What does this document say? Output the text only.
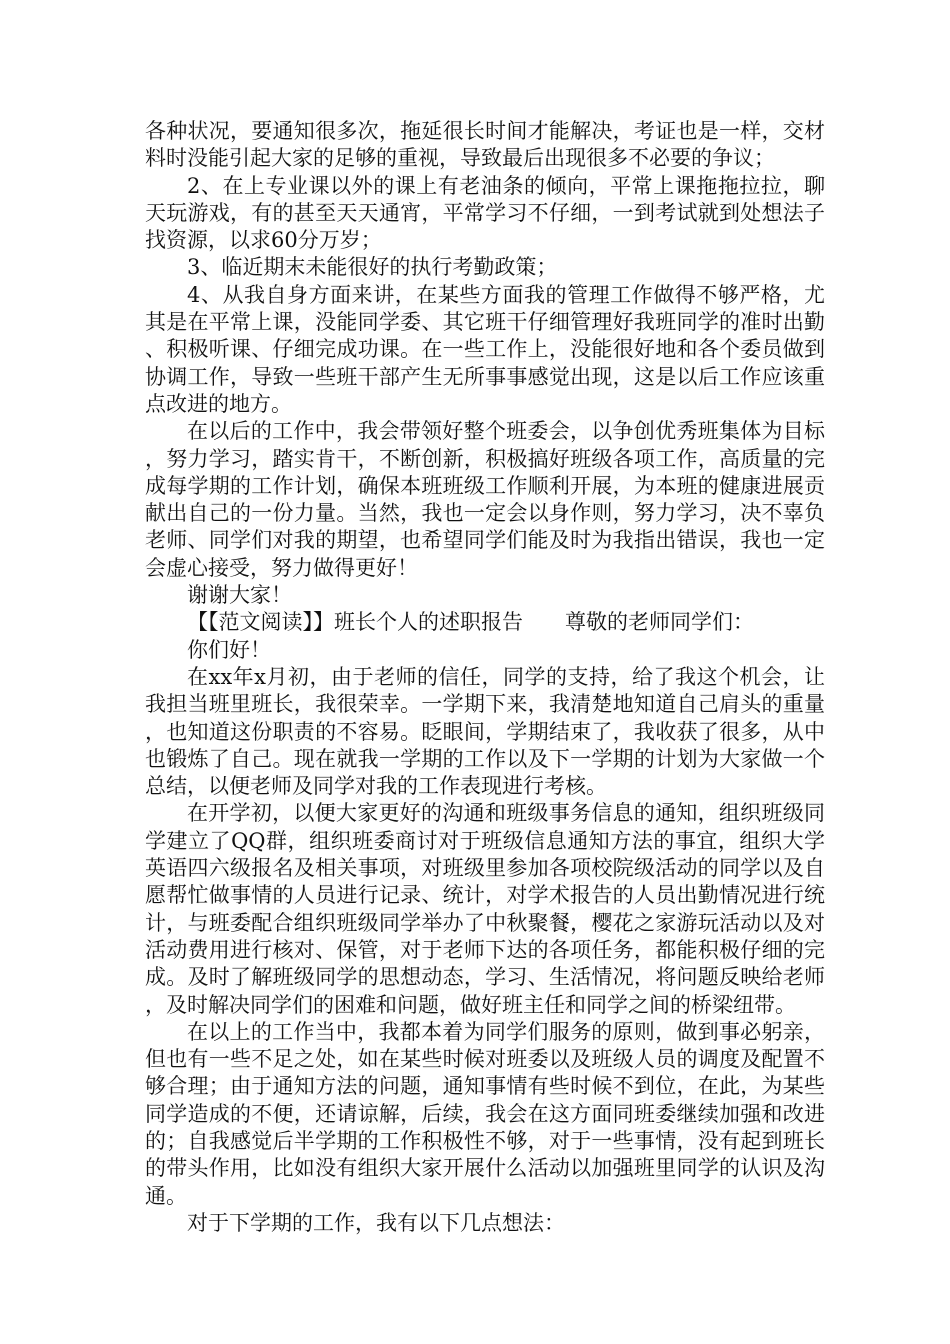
各种状况，要通知很多次，拖延很长时间才能解决，考证也是一样，交材料时没能引起大家的足够的重视，导致最后出现很多不必要的争议；

2、在上专业课以外的课上有老油条的倾向，平常上课拖拖拉拉，聊天玩游戏，有的甚至天天通宵，平常学习不仔细，一到考试就到处想法子找资源，以求60分万岁；

3、临近期末未能很好的执行考勤政策；

4、从我自身方面来讲，在某些方面我的管理工作做得不够严格，尤其是在平常上课，没能同学委、其它班干仔细管理好我班同学的准时出勤、积极听课、仔细完成功课。在一些工作上，没能很好地和各个委员做到协调工作，导致一些班干部产生无所事事感觉出现，这是以后工作应该重点改进的地方。

在以后的工作中，我会带领好整个班委会，以争创优秀班集体为目标，努力学习，踏实肯干，不断创新，积极搞好班级各项工作，高质量的完成每学期的工作计划，确保本班班级工作顺利开展，为本班的健康进展贡献出自己的一份力量。当然，我也一定会以身作则，努力学习，决不辜负老师、同学们对我的期望，也希望同学们能及时为我指出错误，我也一定会虚心接受，努力做得更好！

谢谢大家！

【【范文阅读】】班长个人的述职报告　　尊敬的老师同学们：

你们好！

在xx年x月初，由于老师的信任，同学的支持，给了我这个机会，让我担当班里班长，我很荣幸。一学期下来，我清楚地知道自己肩头的重量，也知道这份职责的不容易。眨眼间，学期结束了，我收获了很多，从中也锻炼了自己。现在就我一学期的工作以及下一学期的计划为大家做一个总结，以便老师及同学对我的工作表现进行考核。

在开学初，以便大家更好的沟通和班级事务信息的通知，组织班级同学建立了QQ群，组织班委商讨对于班级信息通知方法的事宜，组织大学英语四六级报名及相关事项，对班级里参加各项校院级活动的同学以及自愿帮忙做事情的人员进行记录、统计，对学术报告的人员出勤情况进行统计，与班委配合组织班级同学举办了中秋聚餐，樱花之家游玩活动以及对活动费用进行核对、保管，对于老师下达的各项任务，都能积极仔细的完成。及时了解班级同学的思想动态，学习、生活情况，将问题反映给老师，及时解决同学们的困难和问题，做好班主任和同学之间的桥梁纽带。

在以上的工作当中，我都本着为同学们服务的原则，做到事必躬亲，但也有一些不足之处，如在某些时候对班委以及班级人员的调度及配置不够合理；由于通知方法的问题，通知事情有些时候不到位，在此，为某些同学造成的不便，还请谅解，后续，我会在这方面同班委继续加强和改进的；自我感觉后半学期的工作积极性不够，对于一些事情，没有起到班长的带头作用，比如没有组织大家开展什么活动以加强班里同学的认识及沟通。

对于下学期的工作，我有以下几点想法：
